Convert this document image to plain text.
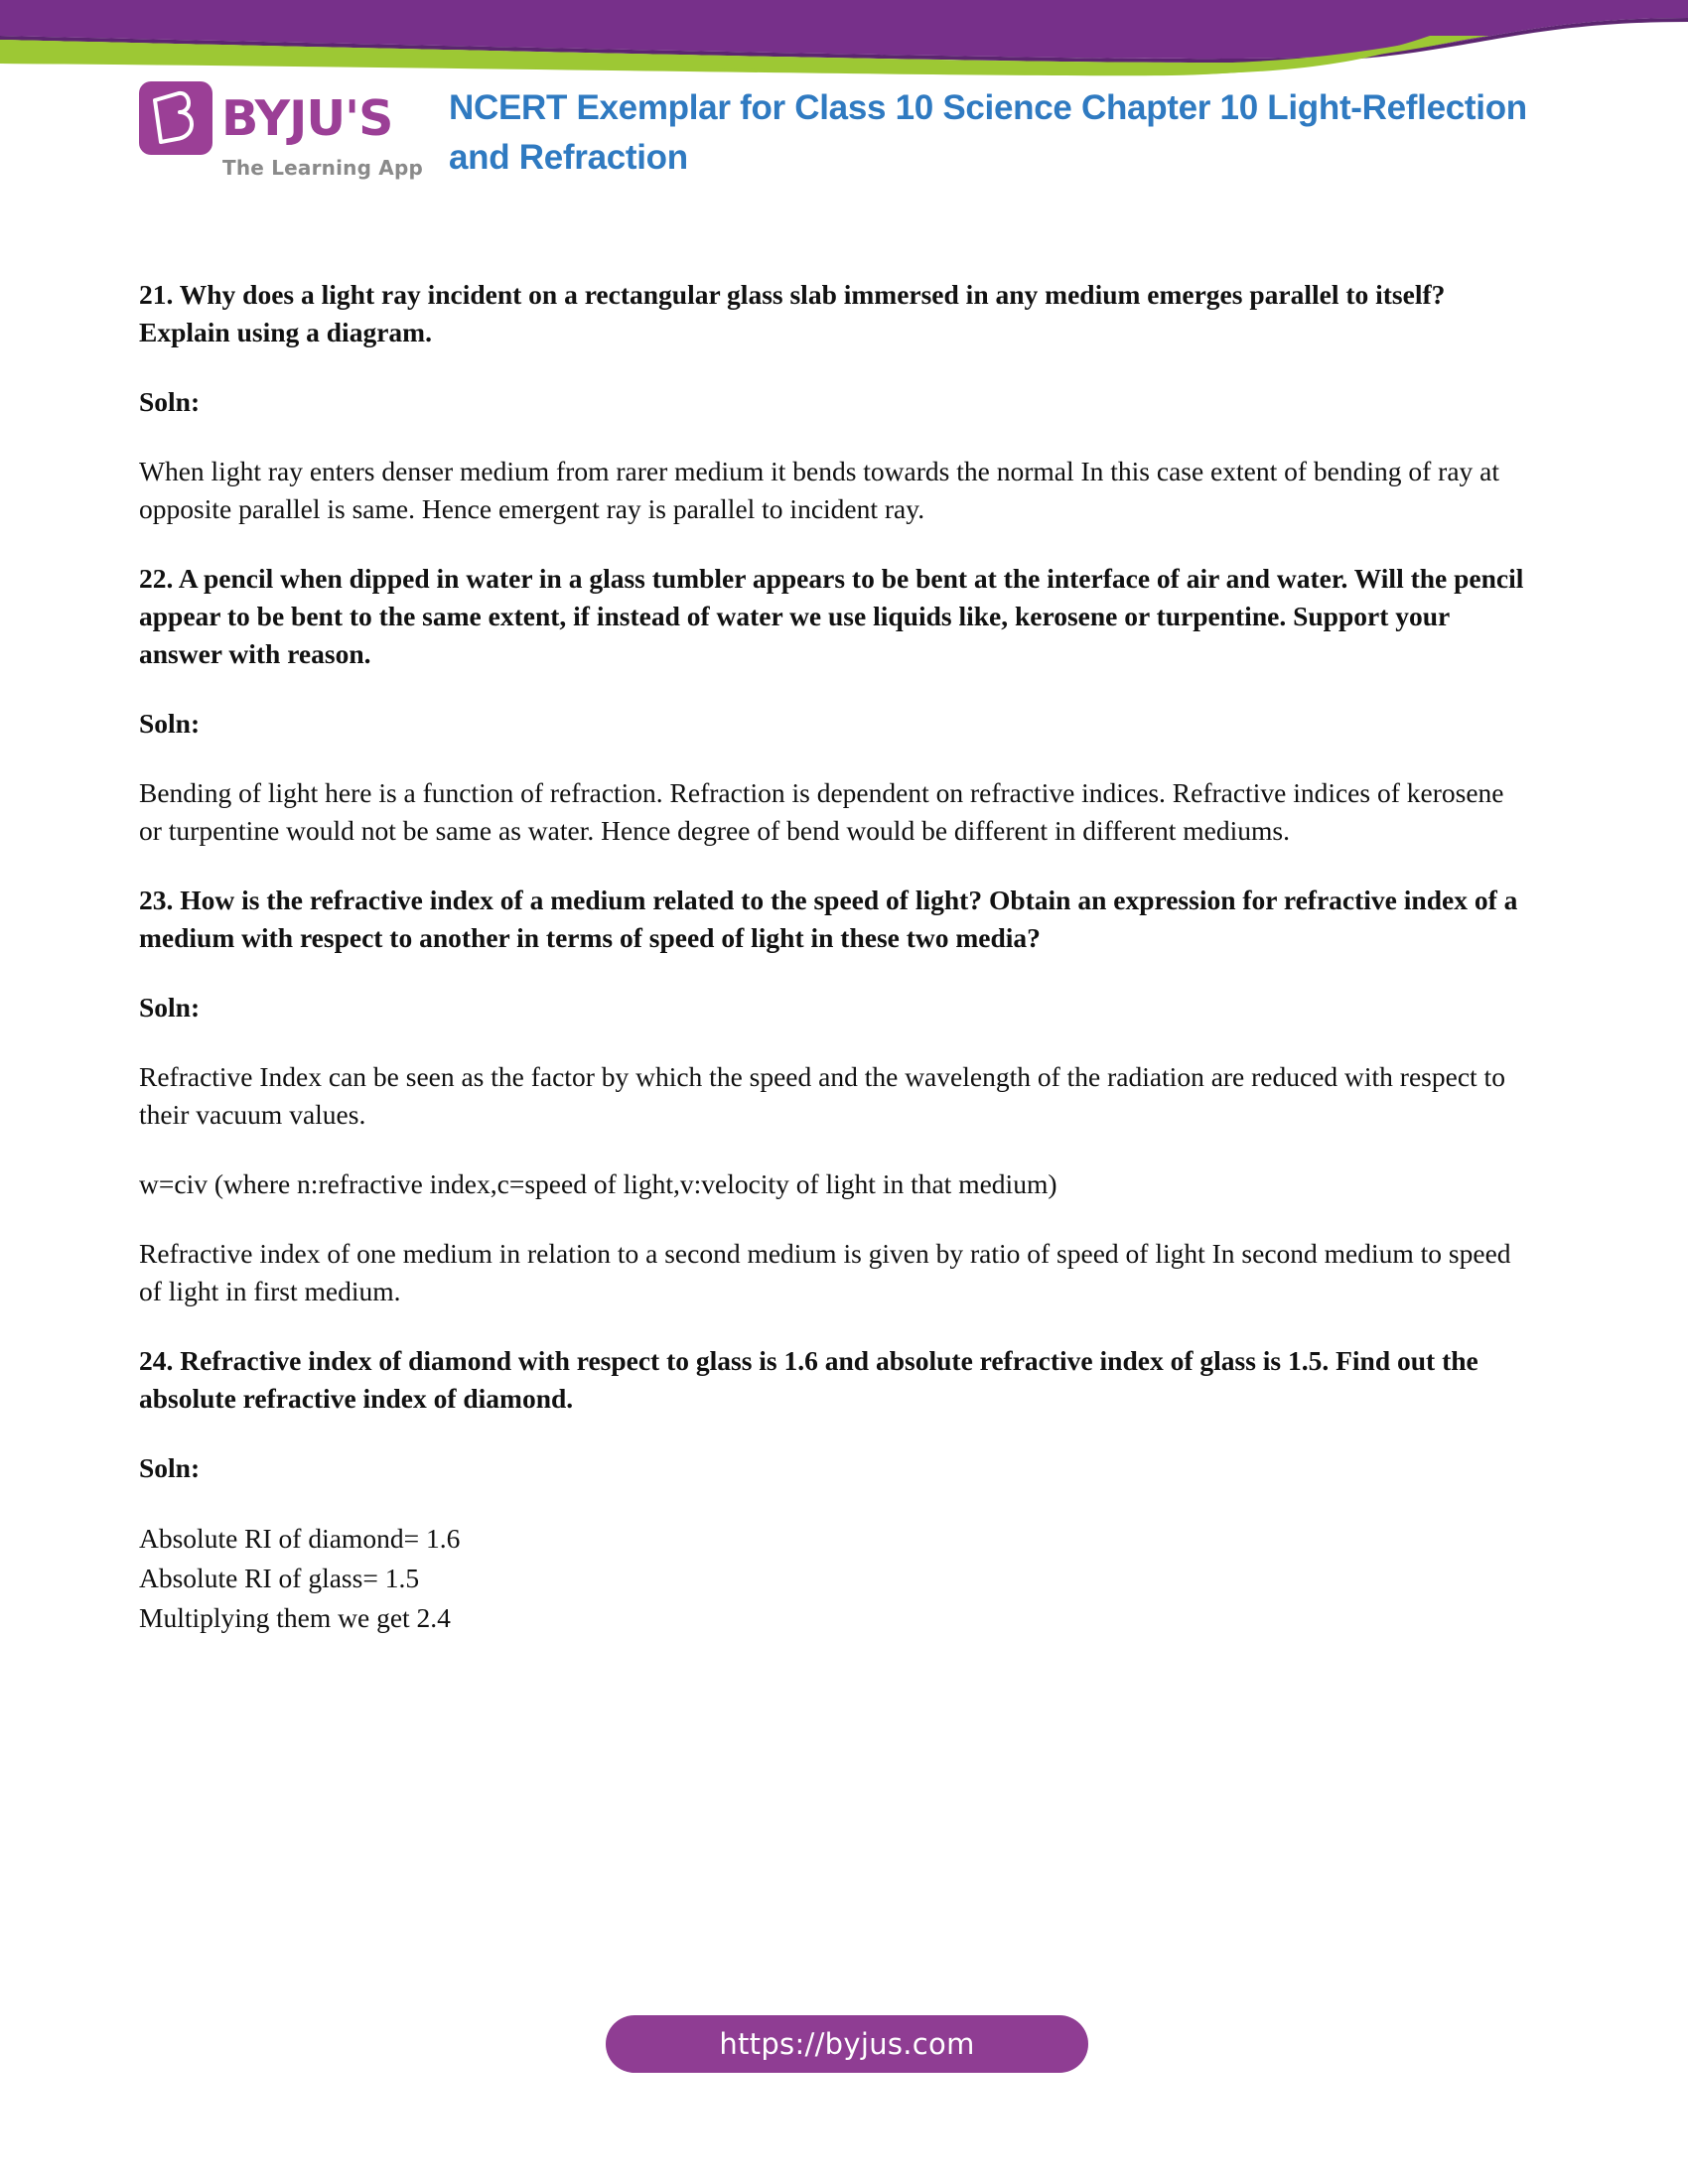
BYJU'S
The Learning App
NCERT Exemplar for Class 10 Science Chapter 10 Light-Reflection and Refraction

21. Why does a light ray incident on a rectangular glass slab immersed in any medium emerges parallel to itself? Explain using a diagram.

Soln:

When light ray enters denser medium from rarer medium it bends towards the normal In this case extent of bending of ray at opposite parallel is same. Hence emergent ray is parallel to incident ray.

22. A pencil when dipped in water in a glass tumbler appears to be bent at the interface of air and water. Will the pencil appear to be bent to the same extent, if instead of water we use liquids like, kerosene or turpentine. Support your answer with reason.

Soln:

Bending of light here is a function of refraction. Refraction is dependent on refractive indices. Refractive indices of kerosene or turpentine would not be same as water. Hence degree of bend would be different in different mediums.

23. How is the refractive index of a medium related to the speed of light? Obtain an expression for refractive index of a medium with respect to another in terms of speed of light in these two media?

Soln:

Refractive Index can be seen as the factor by which the speed and the wavelength of the radiation are reduced with respect to their vacuum values.

w=civ (where n:refractive index,c=speed of light,v:velocity of light in that medium)

Refractive index of one medium in relation to a second medium is given by ratio of speed of light In second medium to speed of light in first medium.

24. Refractive index of diamond with respect to glass is 1.6 and absolute refractive index of glass is 1.5. Find out the absolute refractive index of diamond.

Soln:

Absolute RI of diamond= 1.6

Absolute RI of glass= 1.5

Multiplying them we get 2.4

https://byjus.com
